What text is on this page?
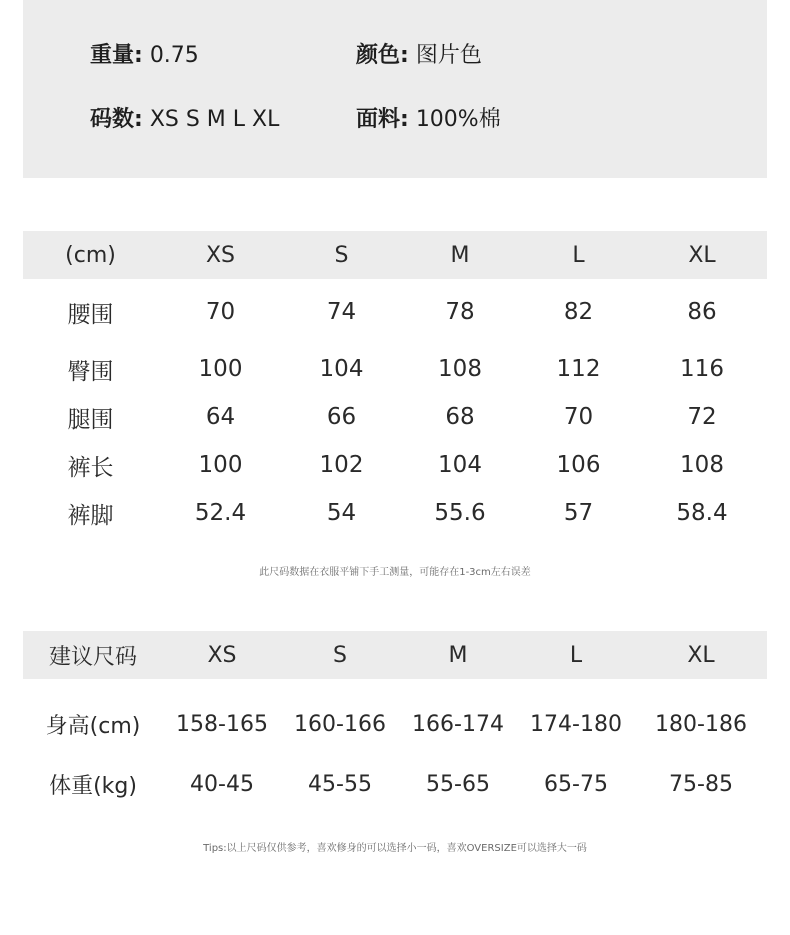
重量: 0.75	颜色: 图片色
码数: XS S M L XL	面料: 100%棉
(cm)	XS	S	M	L	XL
腰围	70	74	78	82	86
臀围	100	104	108	112	116
腿围	64	66	68	70	72
裤长	100	102	104	106	108
裤脚	52.4	54	55.6	57	58.4
此尺码数据在衣服平铺下手工测量，可能存在1-3cm左右误差
建议尺码	XS	S	M	L	XL

身高(cm)	158-165	160-166	166-174	174-180	180-186
体重(kg)	40-45	45-55	55-65	65-75	75-85
Tips:以上尺码仅供参考，喜欢修身的可以选择小一码，喜欢OVERSIZE可以选择大一码
